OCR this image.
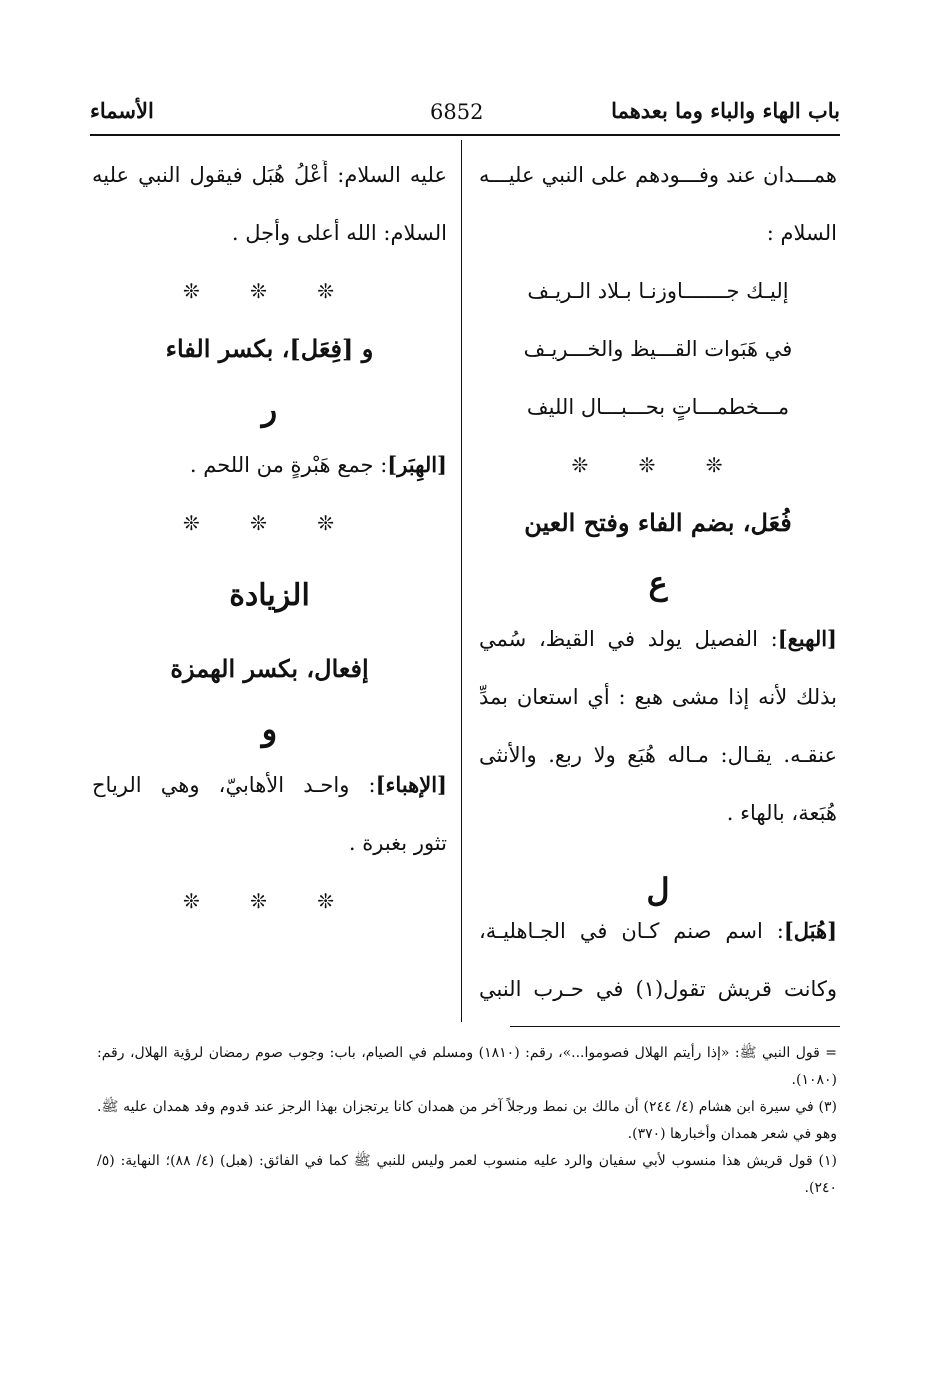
باب الهاء والباء وما بعدهما
6852
الأسماء
همـــدان عند وفـــودهم على النبي عليـــه
السلام :
إليـك جـــــــاوزنـا بـلاد الـريـف
في هَبَوات القـــيظ والخـــريـف
مـــخطمـــاتٍ بحـــبـــال الليف
❊ ❊ ❊
فُعَل، بضم الفاء وفتح العين
ع
[الهبع]: الفصيل يولد في القيظ، سُمي
بذلك لأنه إذا مشى هبع : أي استعان بمدِّ
عنقـه. يقـال: مـاله هُبَع ولا ربع. والأنثى
هُبَعة، بالهاء .
ل
[هُبَل]: اسم صنم كـان في الجـاهليـة،
وكانت قريش تقول(١) في حـرب النبي
عليه السلام: أُعْلُ هُبَل فيقول النبي عليه
السلام: الله أعلى وأجل .
❊ ❊ ❊
و [فِعَل]، بكسر الفاء
ر
[الهِبَر]: جمع هَبْرةٍ من اللحم .
❊ ❊ ❊
الزيادة
إفعال، بكسر الهمزة
و
[الإهباء]: واحـد الأهابيّ، وهي الرياح
تثور بغبرة .
❊ ❊ ❊

= قول النبي ﷺ: «إذا رأيتم الهلال فصوموا...»، رقم: (١٨١٠) ومسلم في الصيام، باب: وجوب صوم رمضان لرؤية الهلال، رقم: (١٠٨٠).

(٣) في سيرة ابن هشام (٤/ ٢٤٤) أن مالك بن نمط ورجلاً آخر من همدان كانا يرتجزان بهذا الرجز عند قدوم وفد همدان عليه ﷺ. وهو في شعر همدان وأخبارها (٣٧٠).

(١) قول قريش هذا منسوب لأبي سفيان والرد عليه منسوب لعمر وليس للنبي ﷺ كما في الفائق: (هبل) (٤/ ٨٨)؛ النهاية: (٥/ ٢٤٠).
